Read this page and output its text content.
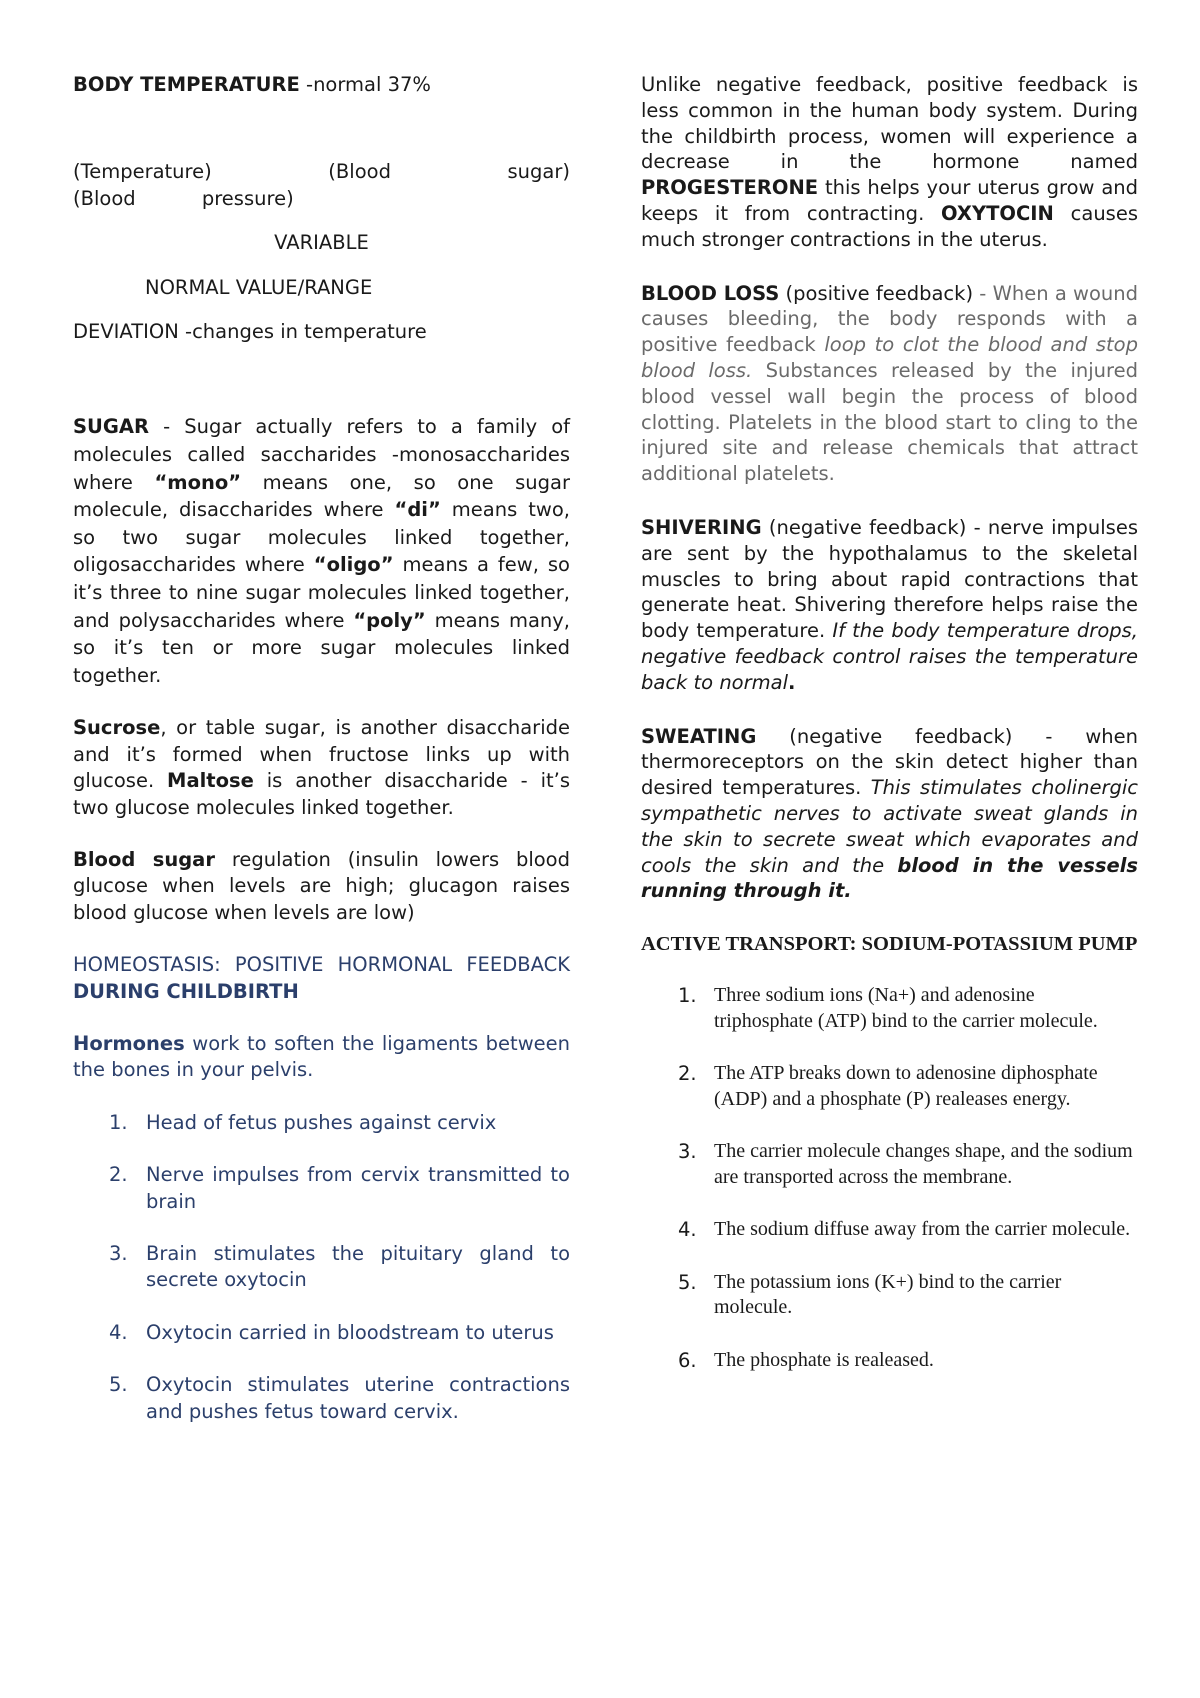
BODY TEMPERATURE -normal 37%

(Temperature) (Blood sugar) (Blood pressure)

VARIABLE

NORMAL VALUE/RANGE

DEVIATION -changes in temperature

SUGAR - Sugar actually refers to a family of molecules called saccharides -monosaccharides where “mono” means one, so one sugar molecule, disaccharides where “di” means two, so two sugar molecules linked together, oligosaccharides where “oligo” means a few, so it’s three to nine sugar molecules linked together, and polysaccharides where “poly” means many, so it’s ten or more sugar molecules linked together.

Sucrose, or table sugar, is another disaccharide and it’s formed when fructose links up with glucose. Maltose is another disaccharide - it’s two glucose molecules linked together.

Blood sugar regulation (insulin lowers blood glucose when levels are high; glucagon raises blood glucose when levels are low)

HOMEOSTASIS: POSITIVE HORMONAL FEEDBACK DURING CHILDBIRTH

Hormones work to soften the ligaments between the bones in your pelvis.

1. Head of fetus pushes against cervix
2. Nerve impulses from cervix transmitted to brain
3. Brain stimulates the pituitary gland to secrete oxytocin
4. Oxytocin carried in bloodstream to uterus
5. Oxytocin stimulates uterine contractions and pushes fetus toward cervix.

Unlike negative feedback, positive feedback is less common in the human body system. During the childbirth process, women will experience a decrease in the hormone named PROGESTERONE this helps your uterus grow and keeps it from contracting. OXYTOCIN causes much stronger contractions in the uterus.

BLOOD LOSS (positive feedback) - When a wound causes bleeding, the body responds with a positive feedback loop to clot the blood and stop blood loss. Substances released by the injured blood vessel wall begin the process of blood clotting. Platelets in the blood start to cling to the injured site and release chemicals that attract additional platelets.

SHIVERING (negative feedback) - nerve impulses are sent by the hypothalamus to the skeletal muscles to bring about rapid contractions that generate heat. Shivering therefore helps raise the body temperature. If the body temperature drops, negative feedback control raises the temperature back to normal.

SWEATING (negative feedback) - when thermoreceptors on the skin detect higher than desired temperatures. This stimulates cholinergic sympathetic nerves to activate sweat glands in the skin to secrete sweat which evaporates and cools the skin and the blood in the vessels running through it.

ACTIVE TRANSPORT: SODIUM-POTASSIUM PUMP

1. Three sodium ions (Na+) and adenosine triphosphate (ATP) bind to the carrier molecule.
2. The ATP breaks down to adenosine diphosphate (ADP) and a phosphate (P) realeases energy.
3. The carrier molecule changes shape, and the sodium are transported across the membrane.
4. The sodium diffuse away from the carrier molecule.
5. The potassium ions (K+) bind to the carrier molecule.
6. The phosphate is realeased.
